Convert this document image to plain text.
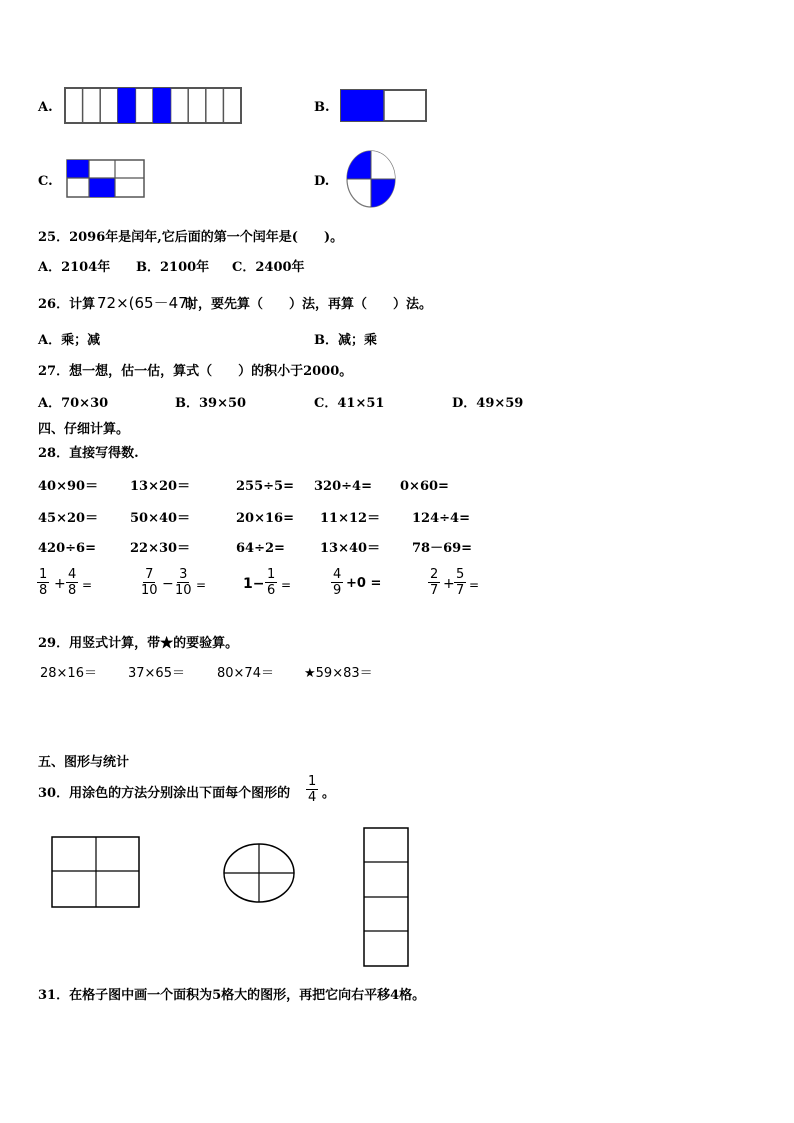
A.	B.
C.	D.
25．2096年是闰年,它后面的第一个闰年是(　　)。
A．2104年 B．2100年 C．2400年
26．计算 72×(65－47)
时，要先算（　　）法，再算（　　）法。
A．乘；减	B．减；乘
27．想一想，估一估，算式（　　）的积小于2000。
A．70×30	B．39×50	C．41×51	D．49×59
四、仔细计算。
28．直接写得数.
40×90＝ 13×20＝	255÷5= 320÷4= 0×60=
45×20＝ 50×40＝	20×16= 11×12＝ 124÷4=
420÷6=	22×30＝	64÷2=	13×40＝ 78－69=
$\frac{1}{8} + \frac{4}{8}$ =	$\frac{7}{10} - \frac{3}{10}$ =	$1- \frac{1}{6}$ =	$\frac{4}{9} +0$ =	$\frac{2}{7} + \frac{5}{7}$ =
29．用竖式计算，带★的要验算。
28×16＝ 37×65＝ 80×74＝ ★59×83＝
五、图形与统计
30．用涂色的方法分别涂出下面每个图形的 $\frac{1}{4}$ 。
31．在格子图中画一个面积为5格大的图形，再把它向右平移4格。
